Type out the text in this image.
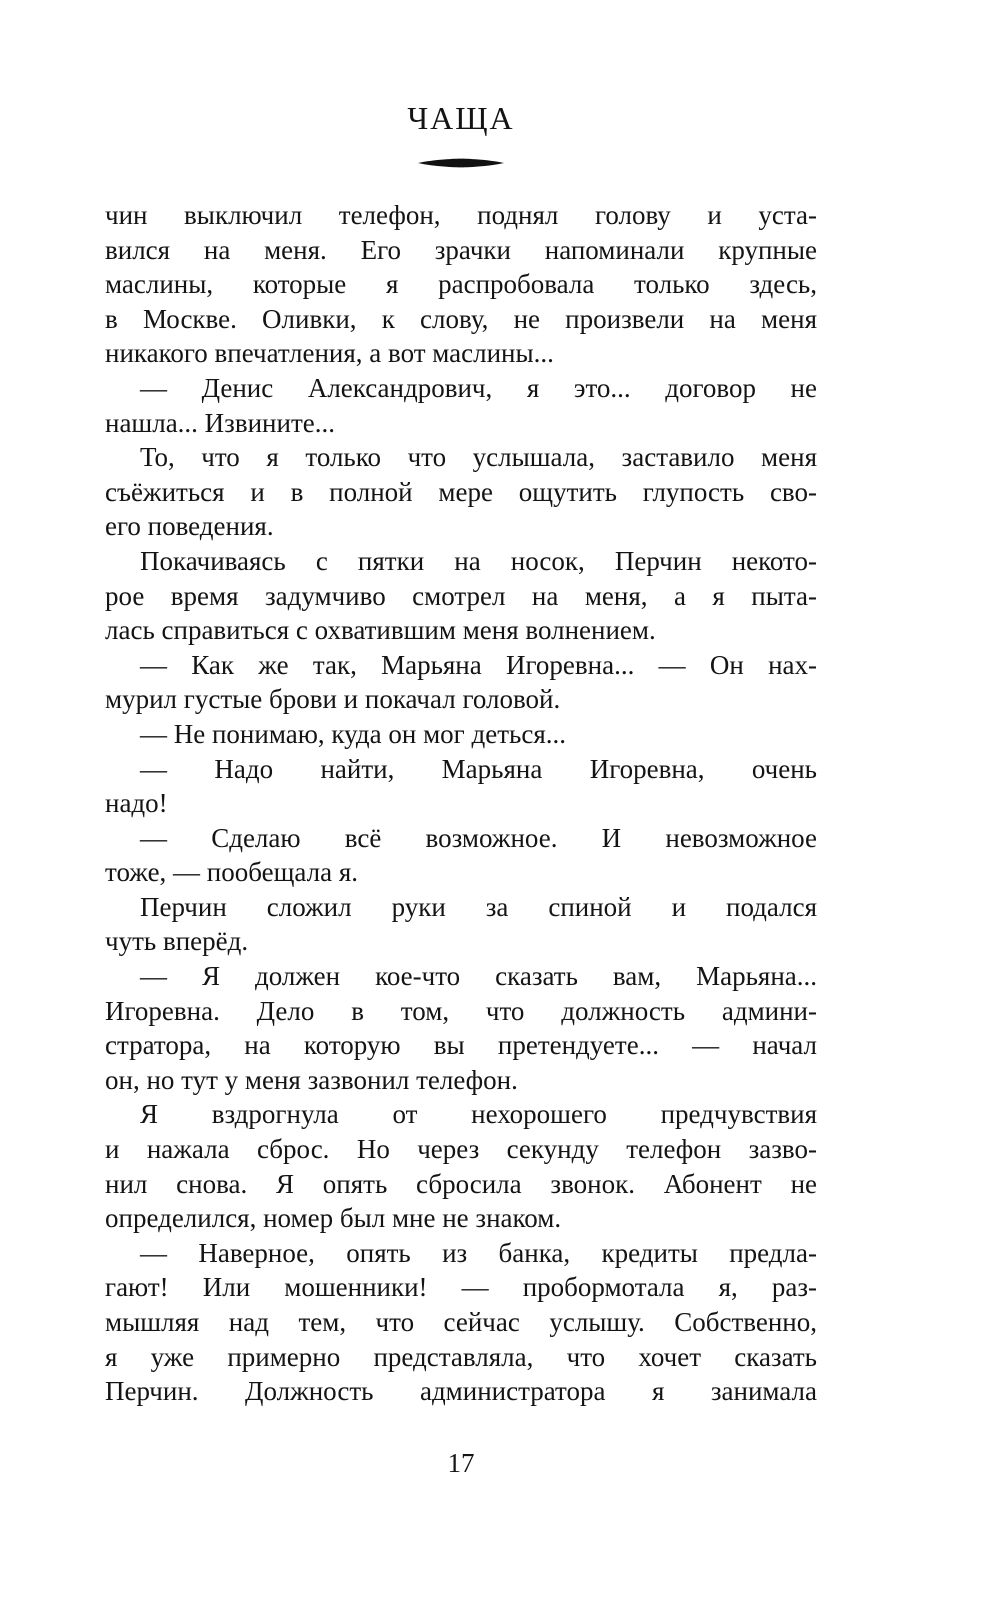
ЧАЩА
чин выключил телефон, поднял голову и уста-
вился на меня. Его зрачки напоминали крупные
маслины, которые я распробовала только здесь,
в Москве. Оливки, к слову, не произвели на меня
никакого впечатления, а вот маслины...
— Денис Александрович, я это... договор не
нашла... Извините...
То, что я только что услышала, заставило меня
съёжиться и в полной мере ощутить глупость сво-
его поведения.
Покачиваясь с пятки на носок, Перчин некото-
рое время задумчиво смотрел на меня, а я пыта-
лась справиться с охватившим меня волнением.
— Как же так, Марьяна Игоревна... — Он нах-
мурил густые брови и покачал головой.
— Не понимаю, куда он мог деться...
— Надо найти, Марьяна Игоревна, очень
надо!
— Сделаю всё возможное. И невозможное
тоже, — пообещала я.
Перчин сложил руки за спиной и подался
чуть вперёд.
— Я должен кое-что сказать вам, Марьяна...
Игоревна. Дело в том, что должность админи-
стратора, на которую вы претендуете... — начал
он, но тут у меня зазвонил телефон.
Я вздрогнула от нехорошего предчувствия
и нажала сброс. Но через секунду телефон зазво-
нил снова. Я опять сбросила звонок. Абонент не
определился, номер был мне не знаком.
— Наверное, опять из банка, кредиты предла-
гают! Или мошенники! — пробормотала я, раз-
мышляя над тем, что сейчас услышу. Собственно,
я уже примерно представляла, что хочет сказать
Перчин. Должность администратора я занимала
17
